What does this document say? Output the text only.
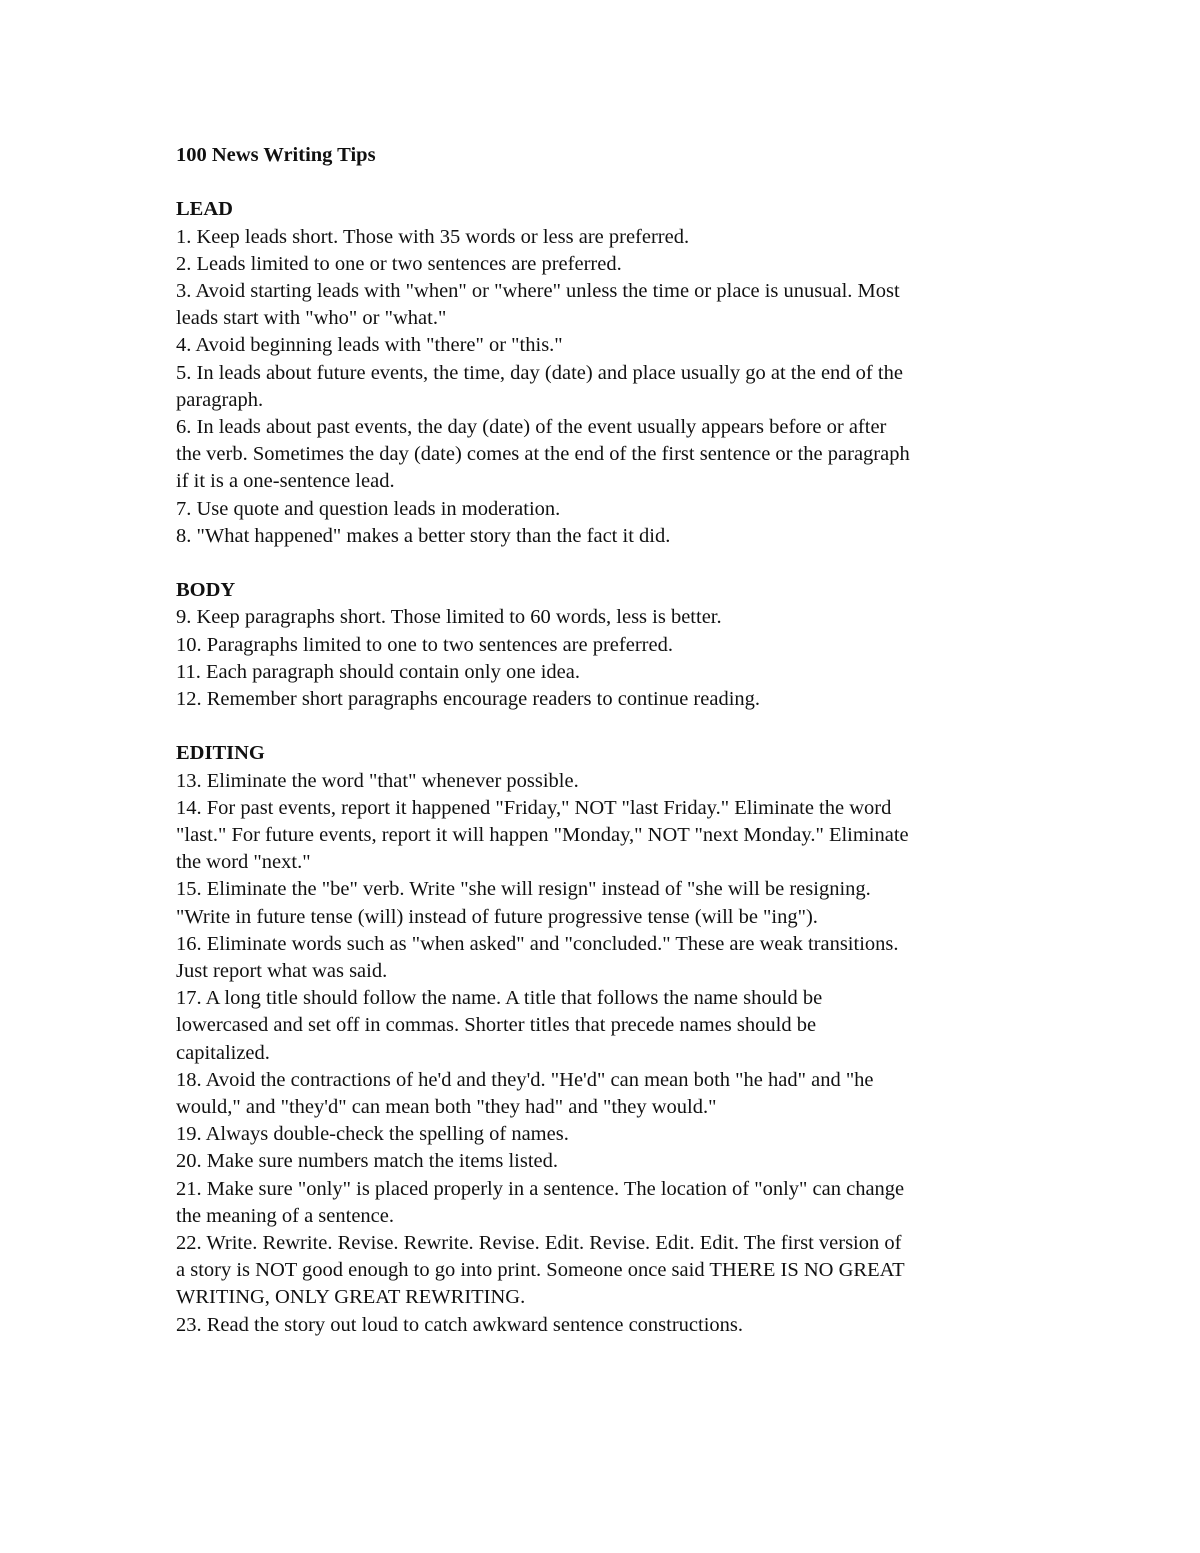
100 News Writing Tips
LEAD
1. Keep leads short. Those with 35 words or less are preferred.
2. Leads limited to one or two sentences are preferred.
3. Avoid starting leads with "when" or "where" unless the time or place is unusual. Most
leads start with "who" or "what."
4. Avoid beginning leads with "there" or "this."
5. In leads about future events, the time, day (date) and place usually go at the end of the
paragraph.
6. In leads about past events, the day (date) of the event usually appears before or after
the verb. Sometimes the day (date) comes at the end of the first sentence or the paragraph
if it is a one-sentence lead.
7. Use quote and question leads in moderation.
8. "What happened" makes a better story than the fact it did.
BODY
9. Keep paragraphs short. Those limited to 60 words, less is better.
10. Paragraphs limited to one to two sentences are preferred.
11. Each paragraph should contain only one idea.
12. Remember short paragraphs encourage readers to continue reading.
EDITING
13. Eliminate the word "that" whenever possible.
14. For past events, report it happened "Friday," NOT "last Friday." Eliminate the word
"last." For future events, report it will happen "Monday," NOT "next Monday." Eliminate
the word "next."
15. Eliminate the "be" verb. Write "she will resign" instead of "she will be resigning.
"Write in future tense (will) instead of future progressive tense (will be "ing").
16. Eliminate words such as "when asked" and "concluded." These are weak transitions.
Just report what was said.
17. A long title should follow the name. A title that follows the name should be
lowercased and set off in commas. Shorter titles that precede names should be
capitalized.
18. Avoid the contractions of he'd and they'd. "He'd" can mean both "he had" and "he
would," and "they'd" can mean both "they had" and "they would."
19. Always double-check the spelling of names.
20. Make sure numbers match the items listed.
21. Make sure "only" is placed properly in a sentence. The location of "only" can change
the meaning of a sentence.
22. Write. Rewrite. Revise. Rewrite. Revise. Edit. Revise. Edit. Edit. The first version of
a story is NOT good enough to go into print. Someone once said THERE IS NO GREAT
WRITING, ONLY GREAT REWRITING.
23. Read the story out loud to catch awkward sentence constructions.
